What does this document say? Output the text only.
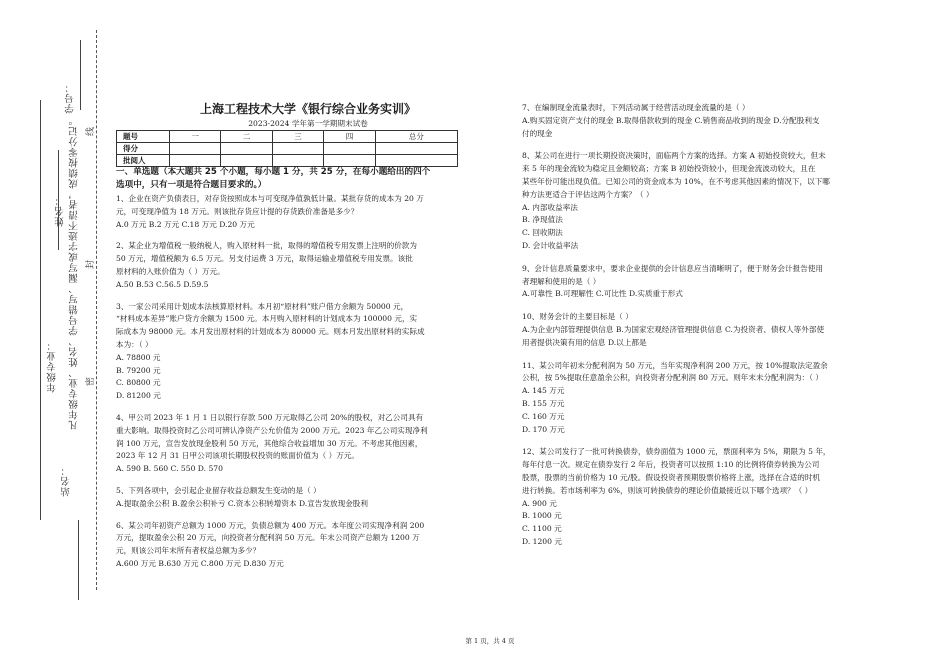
学号：
姓名：
年级专业：
站名：
凡年级专业、姓名、学号错写、漏写或字迹不清者，成绩按零分记。 线
封
密
上海工程技术大学《银行综合业务实训》
2023-2024 学年第一学期期末试卷
题号	一	二	三	四	总分
得分					
批阅人					

一、单选题（本大题共 25 个小题，每小题 1 分，共 25 分，在每小题给出的四个

选项中，只有一项是符合题目要求的。）

1、企业在资产负债表日，对存货按照成本与可变现净值孰低计量。某批存货的成本为 20 万

元，可变现净值为 18 万元。则该批存货应计提的存货跌价准备是多少？

A.0 万元 B.2 万元 C.18 万元 D.20 万元

2、某企业为增值税一般纳税人，购入原材料一批，取得的增值税专用发票上注明的价款为

50 万元，增值税额为 6.5 万元。另支付运费 3 万元，取得运输业增值税专用发票。该批

原材料的入账价值为（ ）万元。

A.50 B.53 C.56.5 D.59.5

3、一家公司采用计划成本法核算原材料。本月初“原材料”账户借方余额为 50000 元，

“材料成本差异”账户贷方余额为 1500 元。本月购入原材料的计划成本为 100000 元，实

际成本为 98000 元。本月发出原材料的计划成本为 80000 元。则本月发出原材料的实际成

本为：（ ）

A. 78800 元

B. 79200 元

C. 80800 元

D. 81200 元

4、甲公司 2023 年 1 月 1 日以银行存款 500 万元取得乙公司 20%的股权，对乙公司具有

重大影响。取得投资时乙公司可辨认净资产公允价值为 2000 万元。2023 年乙公司实现净利

润 100 万元，宣告发放现金股利 50 万元，其他综合收益增加 30 万元。不考虑其他因素，

2023 年 12 月 31 日甲公司该项长期股权投资的账面价值为（ ）万元。

A. 590 B. 560 C. 550 D. 570

5、下列各项中，会引起企业留存收益总额发生变动的是（ ）

A.提取盈余公积 B.盈余公积补亏 C.资本公积转增资本 D.宣告发放现金股利

6、某公司年初资产总额为 1000 万元，负债总额为 400 万元。本年度公司实现净利润 200

万元，提取盈余公积 20 万元，向投资者分配利润 50 万元。年末公司资产总额为 1200 万

元，则该公司年末所有者权益总额为多少？

A.600 万元 B.630 万元 C.800 万元 D.830 万元

7、在编制现金流量表时，下列活动属于经营活动现金流量的是（ ）

A.购买固定资产支付的现金 B.取得借款收到的现金 C.销售商品收到的现金 D.分配股利支

付的现金

8、某公司在进行一项长期投资决策时，面临两个方案的选择。方案 A 初始投资较大，但未

来 5 年的现金流较为稳定且金额较高；方案 B 初始投资较小，但现金流波动较大，且在

某些年份可能出现负值。已知公司的资金成本为 10%，在不考虑其他因素的情况下，以下哪

种方法更适合于评估这两个方案？（ ）

A. 内部收益率法

B. 净现值法

C. 回收期法

D. 会计收益率法

9、会计信息质量要求中，要求企业提供的会计信息应当清晰明了，便于财务会计报告使用

者理解和使用的是（ ）

A.可靠性 B.可理解性 C.可比性 D.实质重于形式

10、财务会计的主要目标是（ ）

A.为企业内部管理提供信息 B.为国家宏观经济管理提供信息 C.为投资者、债权人等外部使

用者提供决策有用的信息 D.以上都是

11、某公司年初未分配利润为 50 万元，当年实现净利润 200 万元，按 10%提取法定盈余

公积，按 5%提取任意盈余公积，向投资者分配利润 80 万元。则年末未分配利润为：（ ）

A. 145 万元

B. 155 万元

C. 160 万元

D. 170 万元

12、某公司发行了一批可转换债券，债券面值为 1000 元，票面利率为 5%，期限为 5 年，

每年付息一次。规定在债券发行 2 年后，投资者可以按照 1:10 的比例将债券转换为公司

股票，股票的当前价格为 10 元/股。假设投资者预期股票价格将上涨，选择在合适的时机

进行转换。若市场利率为 6%，则该可转换债券的理论价值最接近以下哪个选项？（ ）

A. 900 元

B. 1000 元

C. 1100 元

D. 1200 元

第 1 页，共 4 页
